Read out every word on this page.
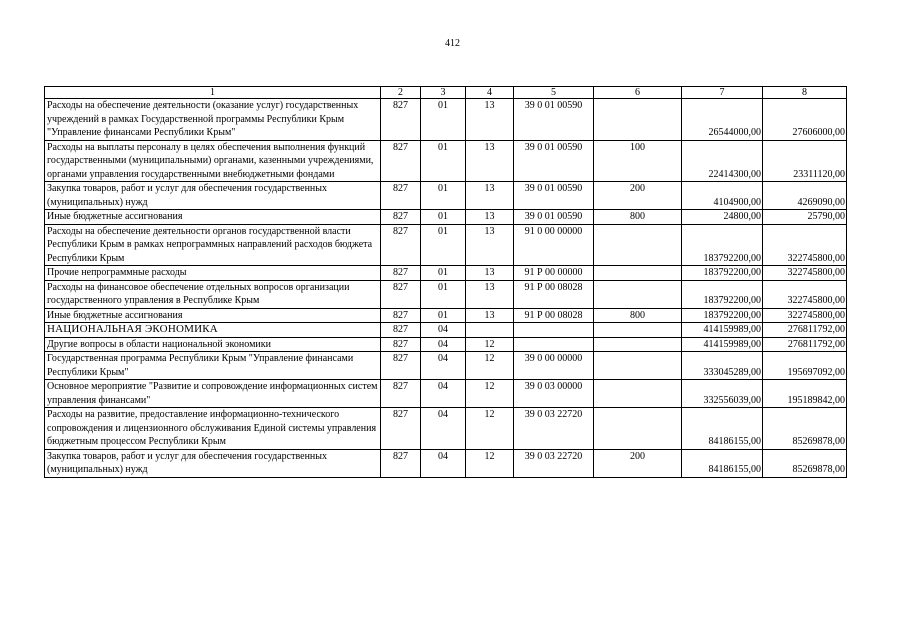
412
1	2	3	4	5	6	7	8
Расходы на обеспечение деятельности (оказание услуг) государственных учреждений в рамках Государственной программы Республики Крым "Управление финансами Республики Крым"	827	01	13	39 0 01 00590		26544000,00	27606000,00
Расходы на выплаты персоналу в целях обеспечения выполнения функций государственными (муниципальными) органами, казенными учреждениями, органами управления государственными внебюджетными фондами	827	01	13	39 0 01 00590	100	22414300,00	23311120,00
Закупка товаров, работ и услуг для обеспечения государственных (муниципальных) нужд	827	01	13	39 0 01 00590	200	4104900,00	4269090,00
Иные бюджетные ассигнования	827	01	13	39 0 01 00590	800	24800,00	25790,00
Расходы на обеспечение деятельности органов государственной власти Республики Крым в рамках непрограммных направлений расходов бюджета Республики Крым	827	01	13	91 0 00 00000		183792200,00	322745800,00
Прочие непрограммные расходы	827	01	13	91 Р 00 00000		183792200,00	322745800,00
Расходы на финансовое обеспечение отдельных вопросов организации государственного управления в Республике Крым	827	01	13	91 Р 00 08028		183792200,00	322745800,00
Иные бюджетные ассигнования	827	01	13	91 Р 00 08028	800	183792200,00	322745800,00
НАЦИОНАЛЬНАЯ ЭКОНОМИКА	827	04				414159989,00	276811792,00
Другие вопросы в области национальной экономики	827	04	12			414159989,00	276811792,00
Государственная программа Республики Крым "Управление финансами Республики Крым"	827	04	12	39 0 00 00000		333045289,00	195697092,00
Основное мероприятие "Развитие и сопровождение информационных систем управления финансами"	827	04	12	39 0 03 00000		332556039,00	195189842,00
Расходы на развитие, предоставление информационно-технического сопровождения и лицензионного обслуживания Единой системы управления бюджетным процессом Республики Крым	827	04	12	39 0 03 22720		84186155,00	85269878,00
Закупка товаров, работ и услуг для обеспечения государственных (муниципальных) нужд	827	04	12	39 0 03 22720	200	84186155,00	85269878,00
